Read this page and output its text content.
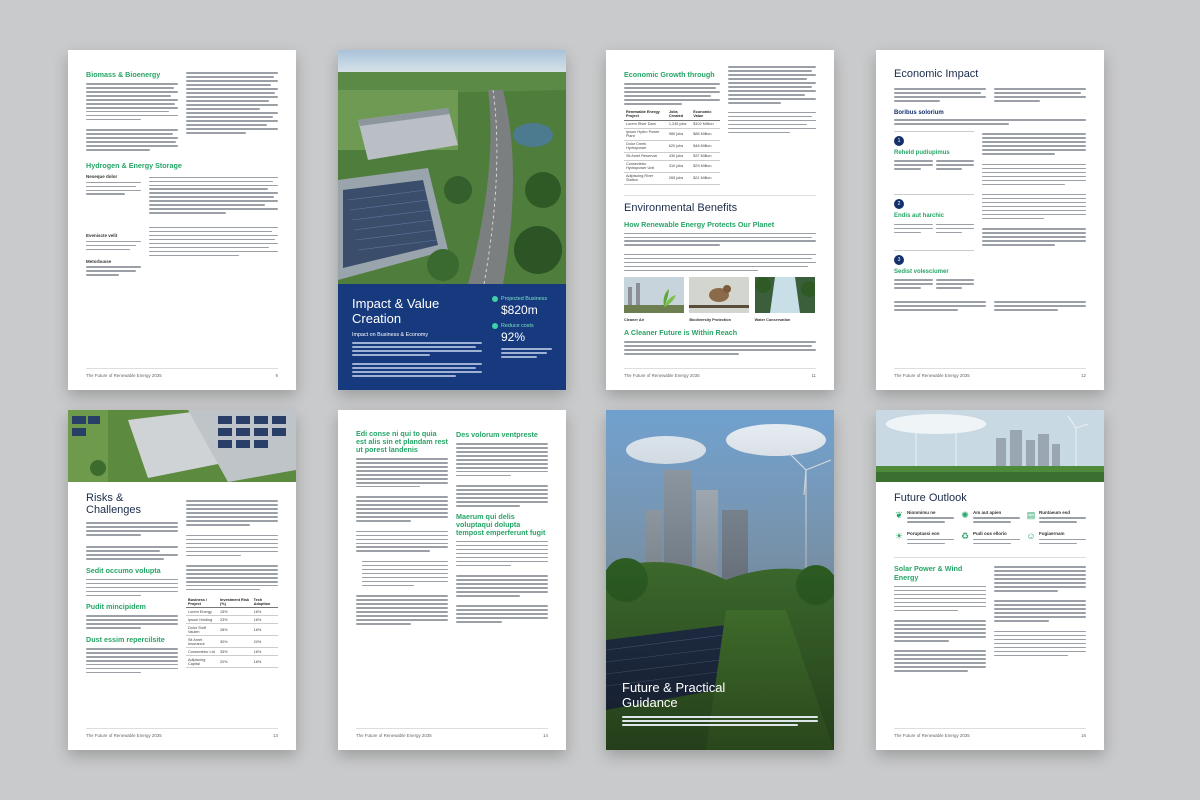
Biomass & Bioenergy
Hydrogen & Energy Storage
Nexeque dolor
Eveniscte velit
Metorbusse
The Future of Renewable Energy 2035	9
Impact & Value Creation
Impact on Business & Economy
Projected Business
$820m
Reduce costs
92%
Economic Growth through
Renewable Energy Project	Jobs Created	Economic Value
Lorem River Dam	1,245 jobs	$102 Million
Ipsum Hydro Power Plant	980 jobs	$85 Million
Dolor Creek Hydropower	620 jobs	$48 Million
Sit Amet Reservoir	430 jobs	$37 Million
Consectetur Hydropower Unit	310 jobs	$29 Million
Adipiscing River Station	265 jobs	$21 Million
Environmental Benefits
How Renewable Energy Protects Our Planet
Cleaner Air	Biodiversity Protection	Water Conservation
A Cleaner Future is Within Reach
The Future of Renewable Energy 2035	11
Economic Impact
Boribus solorium
1
Reheld pudiupimus
2
Endis aut harchic
3
Sedist volesciumer
The Future of Renewable Energy 2035	12
Risks & Challenges
Sedit occumo volupta
Pudit mincipidem
Dust essim repercilsite
Business / Project	Investment Risk (%)	Tech Adoption
Lorem Energy	15%	16%
Ipsum Holding	23%	16%
Dolor Stuff Vaulen	28%	18%
Sit Amet Insurance	30%	20%
Consectetur Ltd	35%	16%
Adipiscing Capital	20%	18%
The Future of Renewable Energy 2035	13
Edi conse ni qui to quia est alis sin et plandam rest ut porest landenis
Des volorum ventpreste
Maerum qui delis voluptaqui dolupta tempost emperferunt fugit
The Future of Renewable Energy 2035	14
Future & Practical Guidance
Future Outlook
❦ Nionmimu ne	✺ Am aut apien	▤ Runtaeum esd
☀ Poruptassi eon	♻ Pudi ous ellorio	☺ Fugiaernam
Solar Power & Wind Energy
The Future of Renewable Energy 2035	16
